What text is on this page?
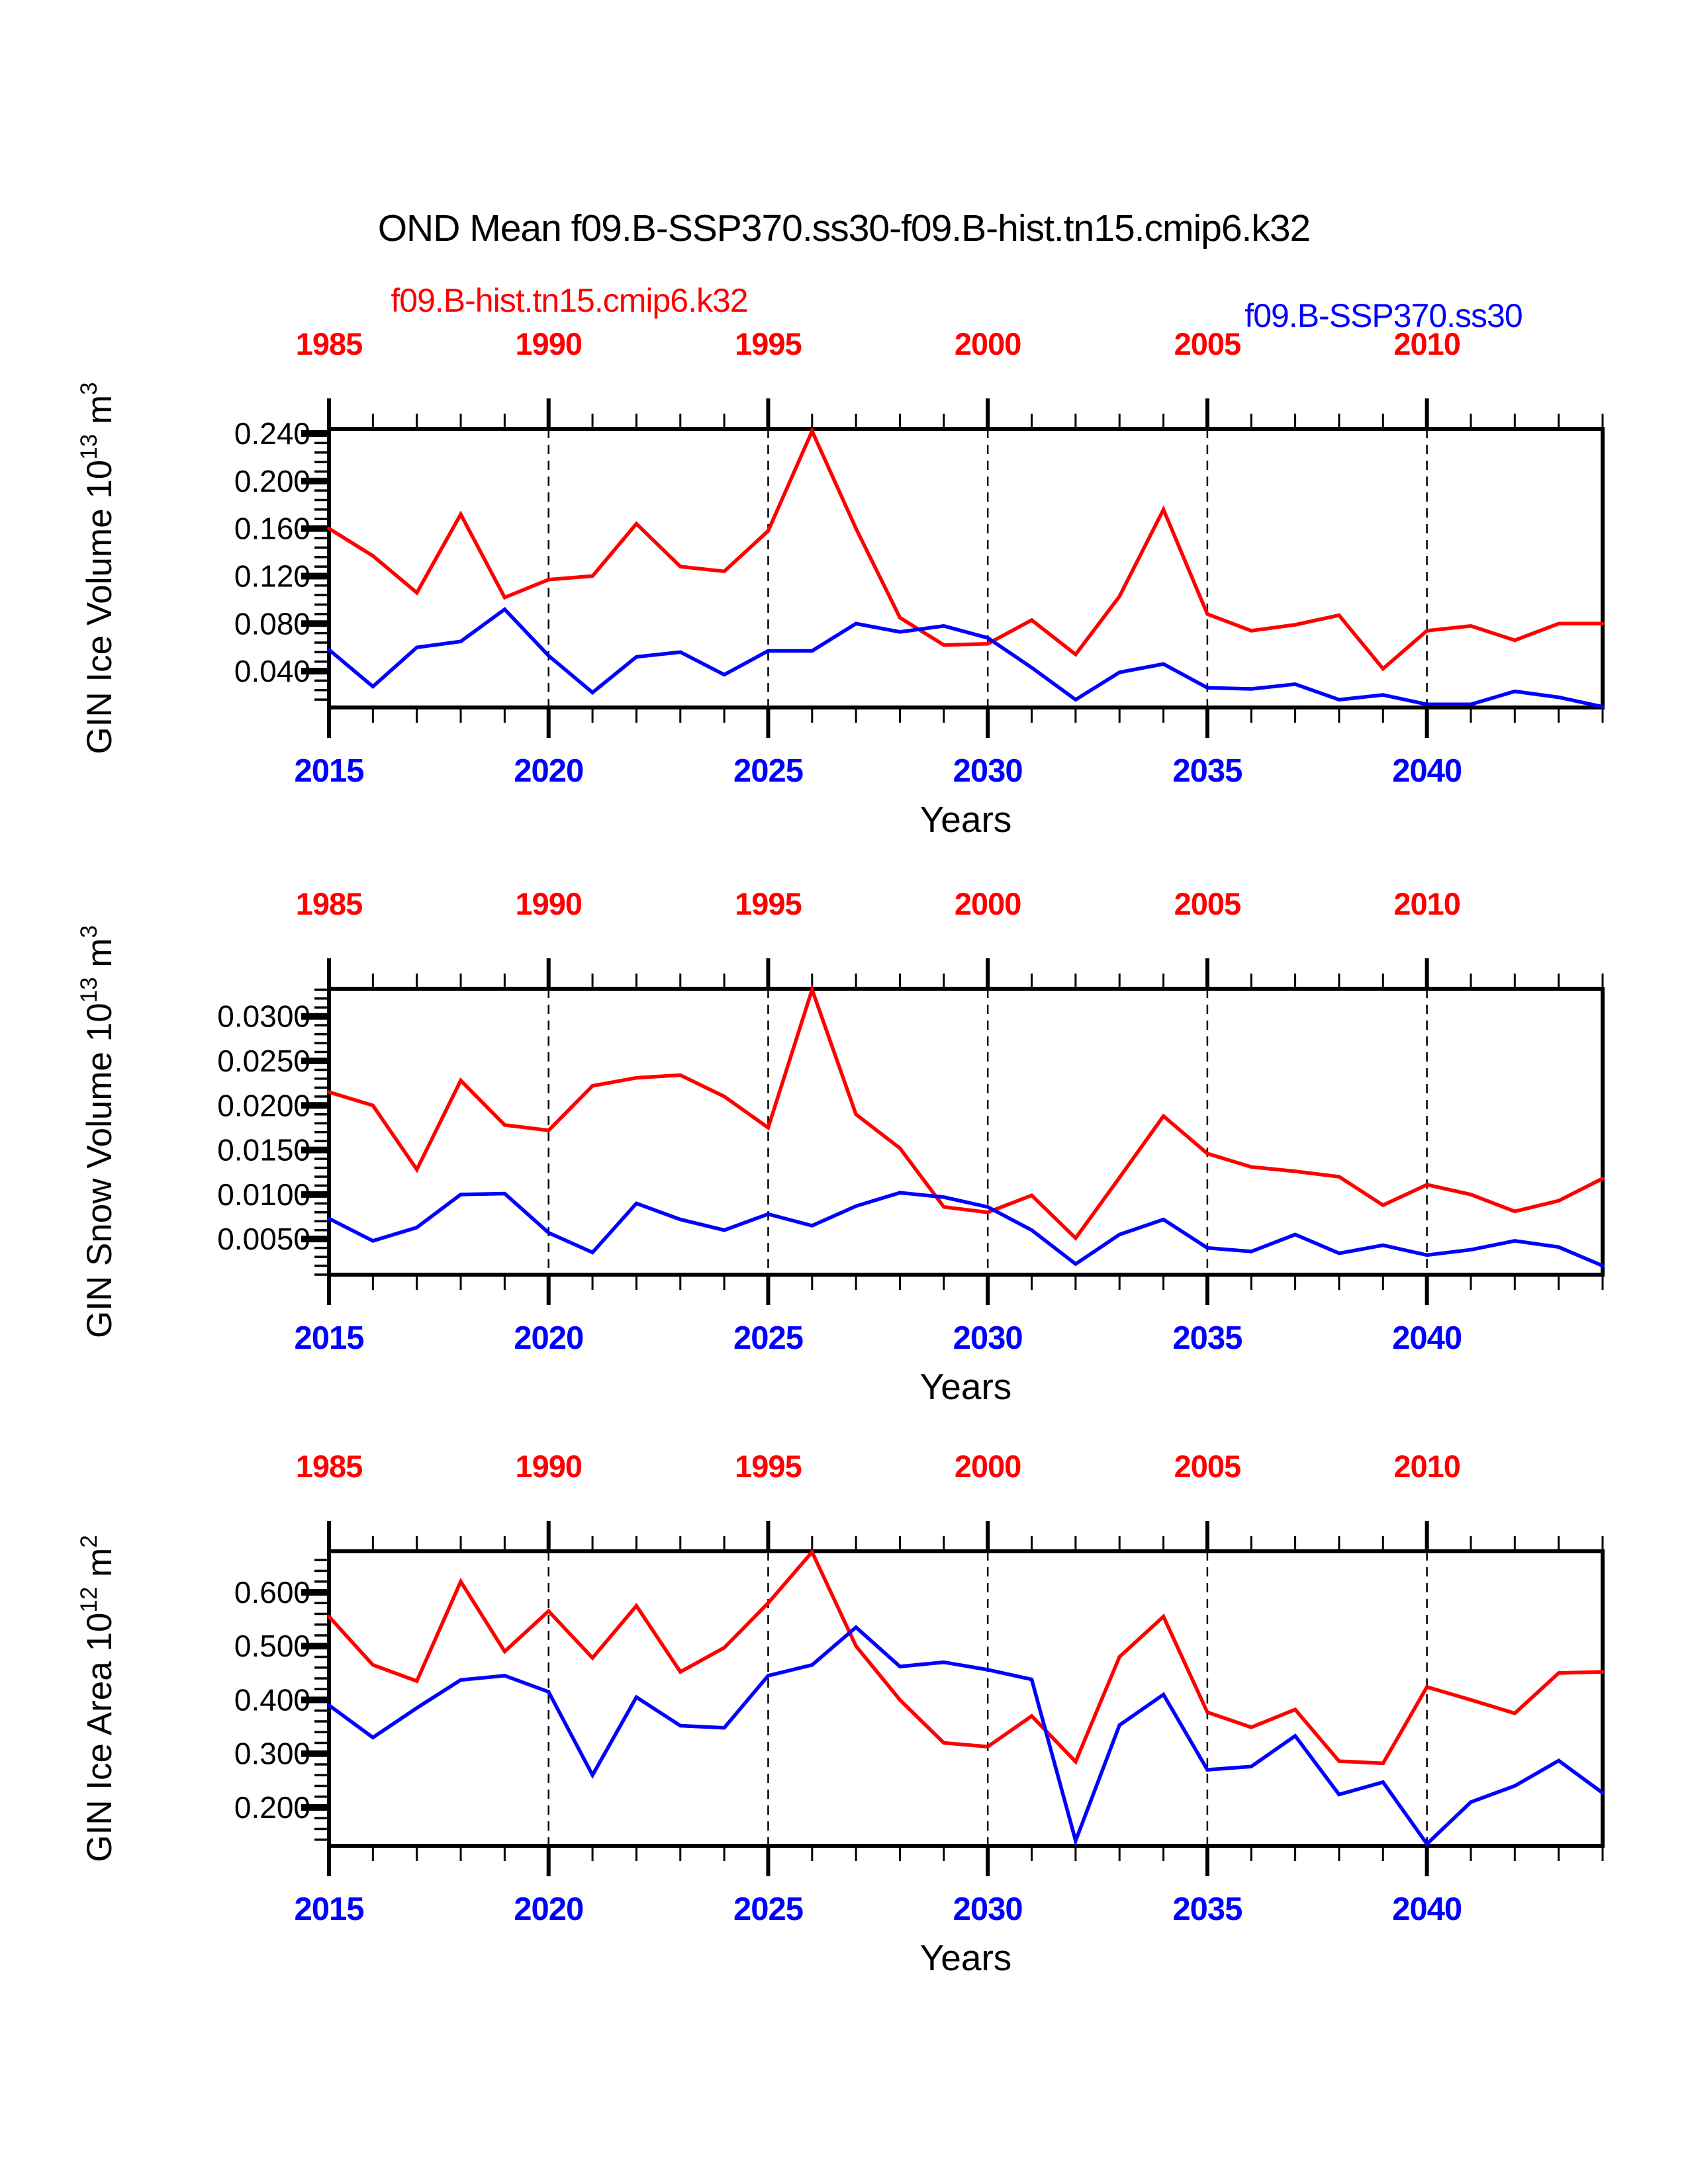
OND Mean f09.B-SSP370.ss30-f09.B-hist.tn15.cmip6.k32
f09.B-hist.tn15.cmip6.k32	f09.B-SSP370.ss30
0.040
0.080
0.120
0.160
0.200
0.240
1985	1990	1995	2000	2005	2010
2015	2020	2025	2030	2035	2040
Years
GIN Ice Volume $10^{13}$ $m^3$
0.0050
0.0100
0.0150
0.0200
0.0250
0.0300
1985	1990	1995	2000	2005	2010
2015	2020	2025	2030	2035	2040
Years
GIN Snow Volume $10^{13}$ $m^3$
0.200
0.300
0.400
0.500
0.600
1985	1990	1995	2000	2005	2010
2015	2020	2025	2030	2035	2040
Years
GIN Ice Area $10^{12}$ $m^2$
